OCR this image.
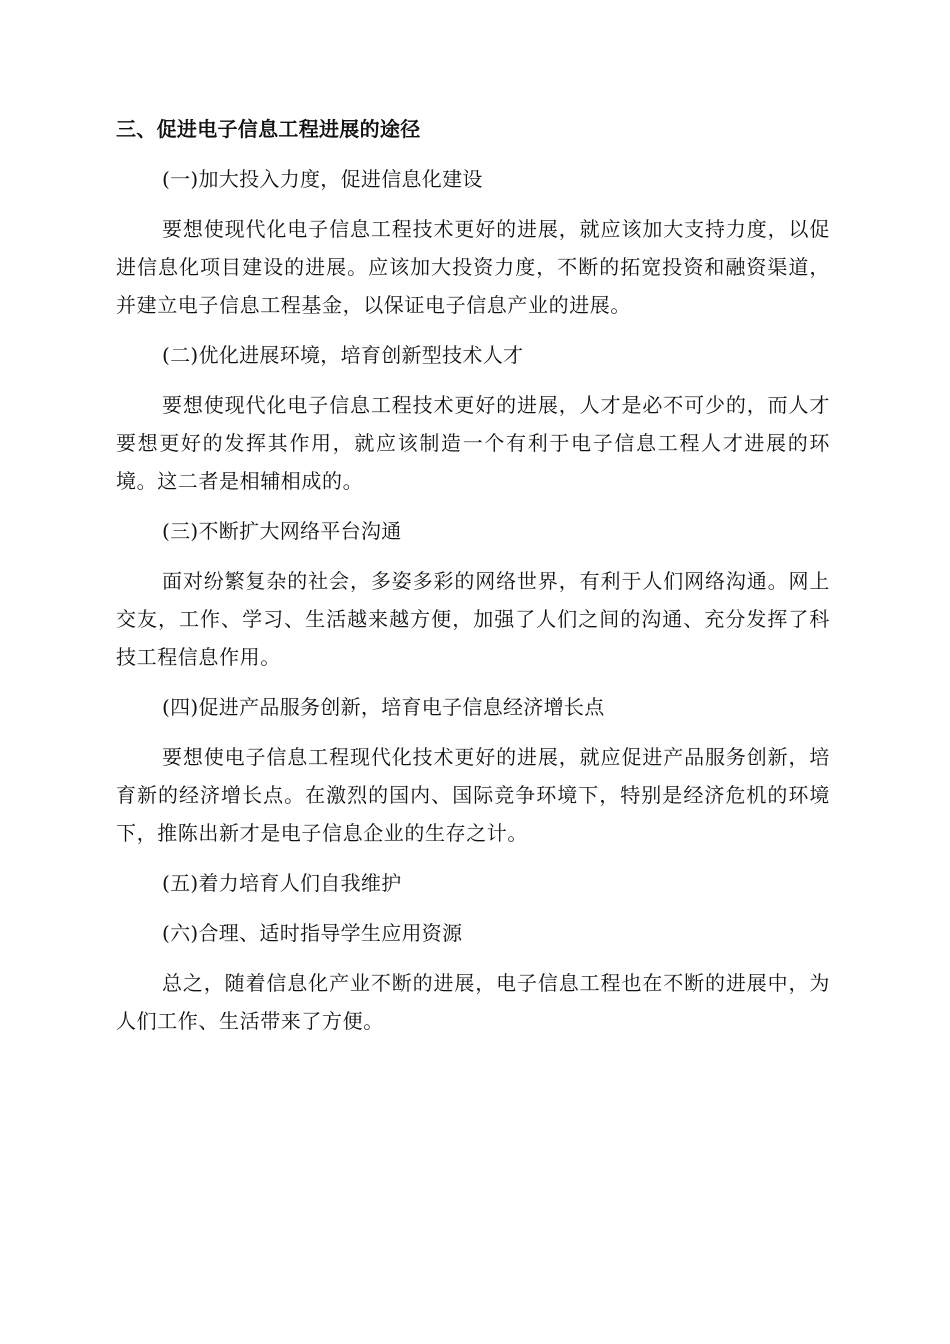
三、促进电子信息工程进展的途径
(一)加大投入力度，促进信息化建设
要想使现代化电子信息工程技术更好的进展，就应该加大支持力度，以促进信息化项目建设的进展。应该加大投资力度，不断的拓宽投资和融资渠道，并建立电子信息工程基金，以保证电子信息产业的进展。
(二)优化进展环境，培育创新型技术人才
要想使现代化电子信息工程技术更好的进展，人才是必不可少的，而人才要想更好的发挥其作用，就应该制造一个有利于电子信息工程人才进展的环境。这二者是相辅相成的。
(三)不断扩大网络平台沟通
面对纷繁复杂的社会，多姿多彩的网络世界，有利于人们网络沟通。网上交友，工作、学习、生活越来越方便，加强了人们之间的沟通、充分发挥了科技工程信息作用。
(四)促进产品服务创新，培育电子信息经济增长点
要想使电子信息工程现代化技术更好的进展，就应促进产品服务创新，培育新的经济增长点。在激烈的国内、国际竞争环境下，特别是经济危机的环境下，推陈出新才是电子信息企业的生存之计。
(五)着力培育人们自我维护
(六)合理、适时指导学生应用资源
总之，随着信息化产业不断的进展，电子信息工程也在不断的进展中，为人们工作、生活带来了方便。
